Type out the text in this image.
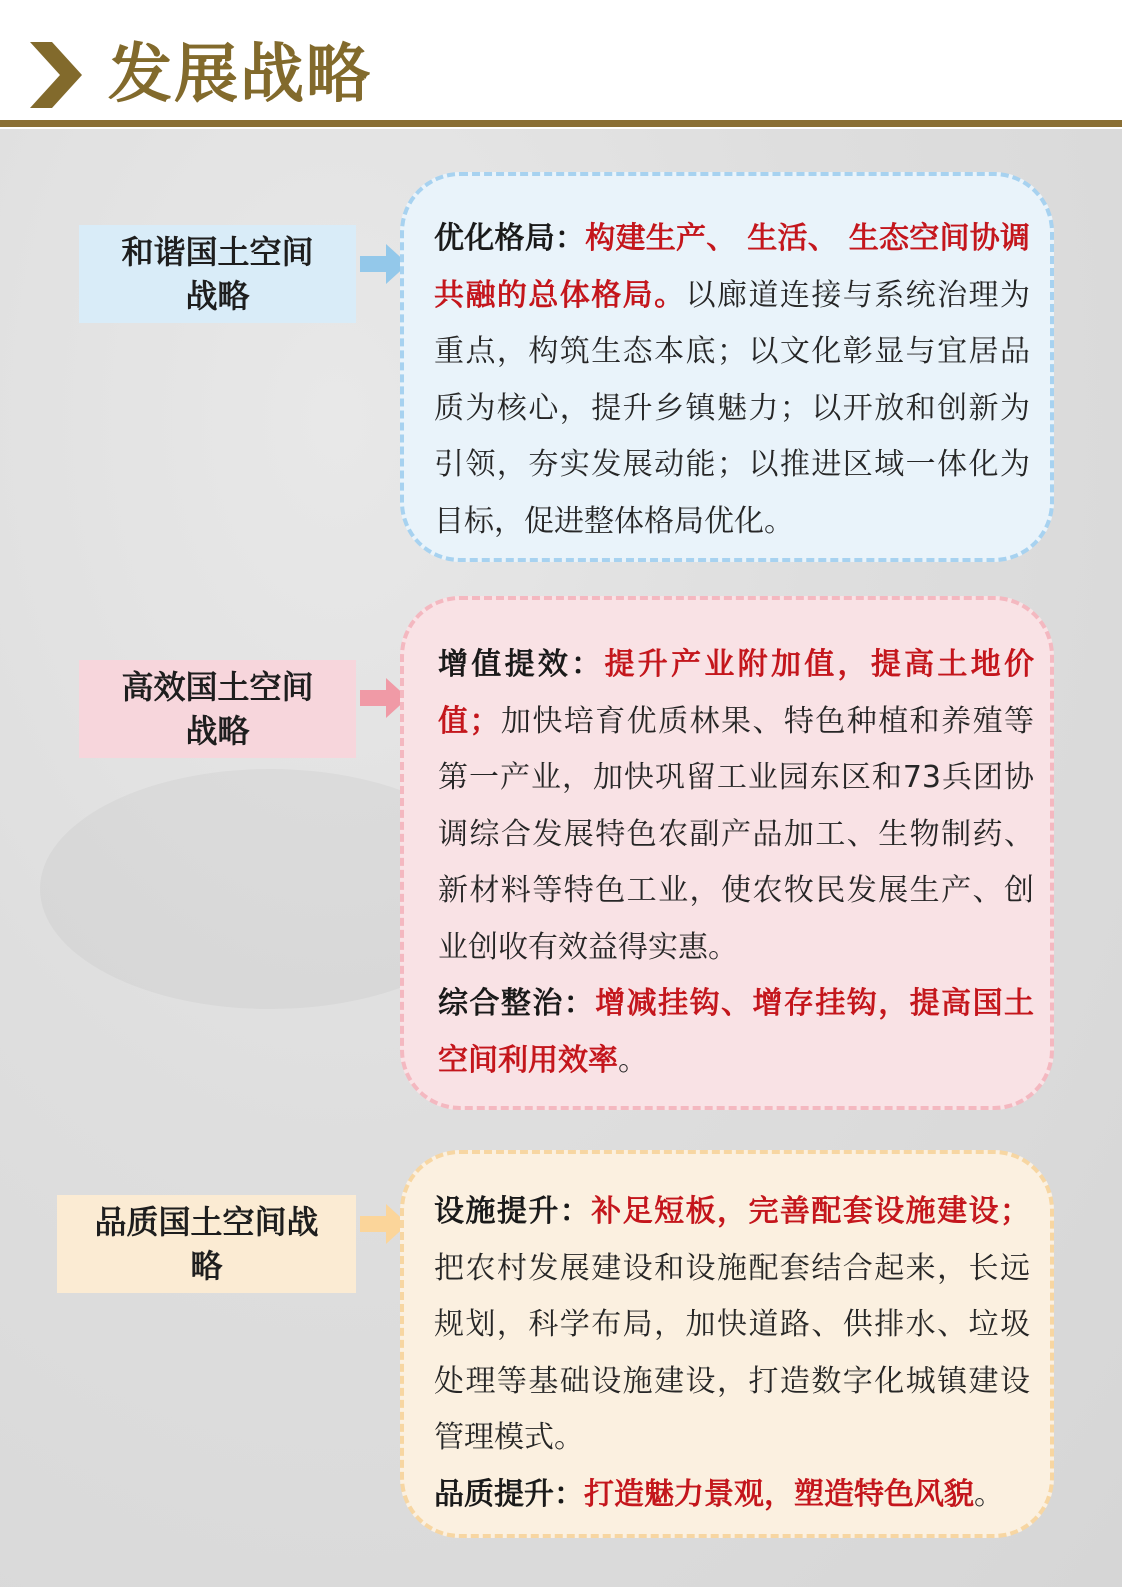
发展战略
和谐国土空间
战略
优化格局：构建生产、 生活、 生态空间协调共融的总体格局。以廊道连接与系统治理为重点，构筑生态本底；以文化彰显与宜居品质为核心，提升乡镇魅力；以开放和创新为引领，夯实发展动能；以推进区域一体化为目标，促进整体格局优化。
高效国土空间
战略
增值提效：提升产业附加值，提高土地价值；加快培育优质林果、特色种植和养殖等第一产业，加快巩留工业园东区和73兵团协调综合发展特色农副产品加工、生物制药、新材料等特色工业，使农牧民发展生产、创业创收有效益得实惠。
综合整治：增减挂钩、增存挂钩，提高国土空间利用效率。
品质国土空间战
略
设施提升：补足短板，完善配套设施建设；把农村发展建设和设施配套结合起来，长远规划，科学布局，加快道路、供排水、垃圾处理等基础设施建设，打造数字化城镇建设管理模式。
品质提升：打造魅力景观，塑造特色风貌。
